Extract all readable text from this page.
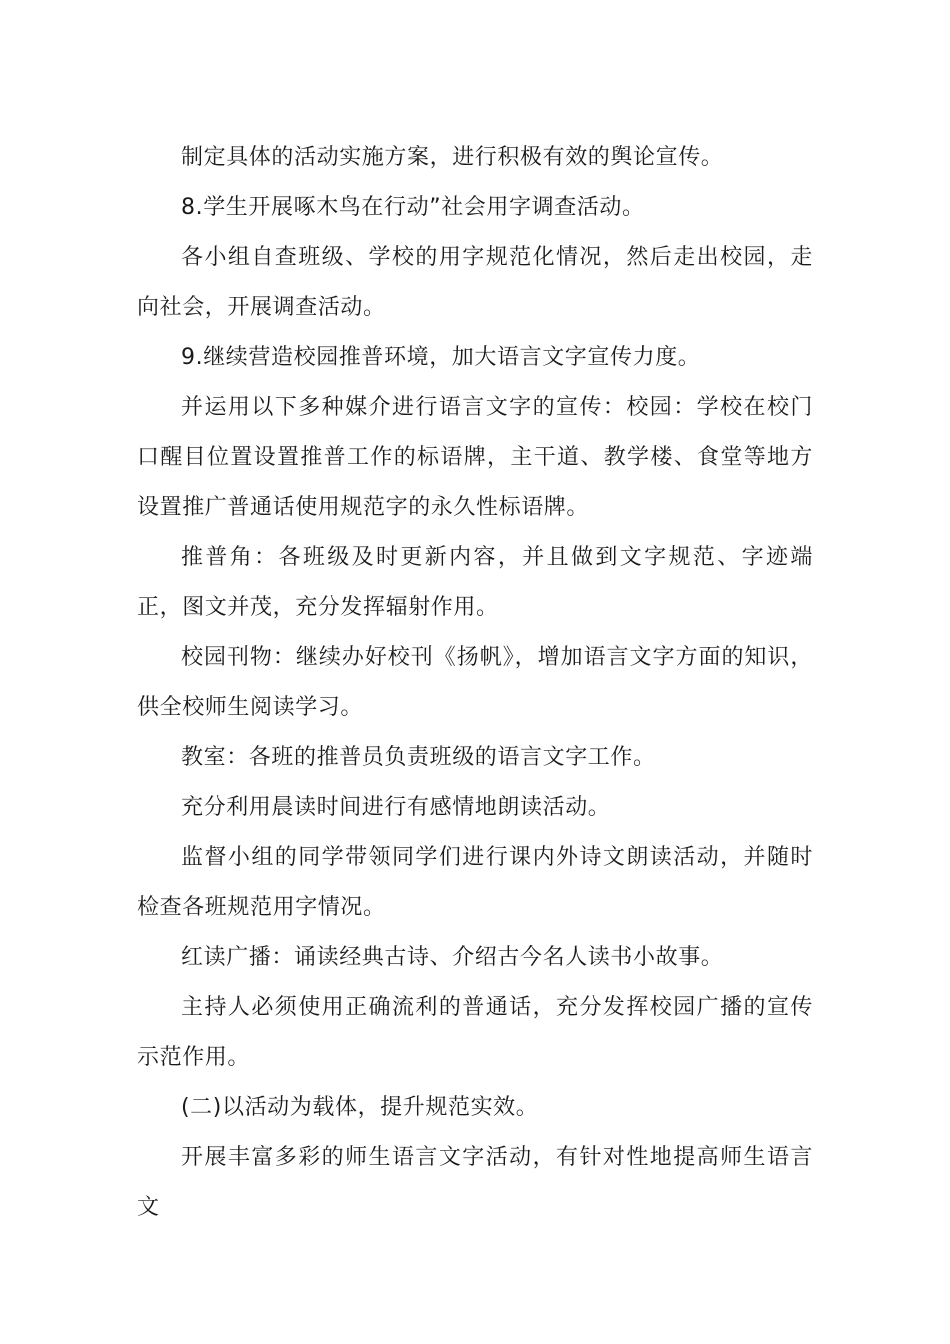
制定具体的活动实施方案，进行积极有效的舆论宣传。

8.学生开展啄木鸟在行动”社会用字调查活动。

各小组自查班级、学校的用字规范化情况，然后走出校园，走向社会，开展调查活动。

9.继续营造校园推普环境，加大语言文字宣传力度。

并运用以下多种媒介进行语言文字的宣传：校园：学校在校门口醒目位置设置推普工作的标语牌，主干道、教学楼、食堂等地方设置推广普通话使用规范字的永久性标语牌。

推普角：各班级及时更新内容，并且做到文字规范、字迹端正，图文并茂，充分发挥辐射作用。

校园刊物：继续办好校刊《扬帆》，增加语言文字方面的知识，供全校师生阅读学习。

教室：各班的推普员负责班级的语言文字工作。

充分利用晨读时间进行有感情地朗读活动。

监督小组的同学带领同学们进行课内外诗文朗读活动，并随时检查各班规范用字情况。

红读广播：诵读经典古诗、介绍古今名人读书小故事。

主持人必须使用正确流利的普通话，充分发挥校园广播的宣传示范作用。

(二)以活动为载体，提升规范实效。

开展丰富多彩的师生语言文字活动，有针对性地提高师生语言文
